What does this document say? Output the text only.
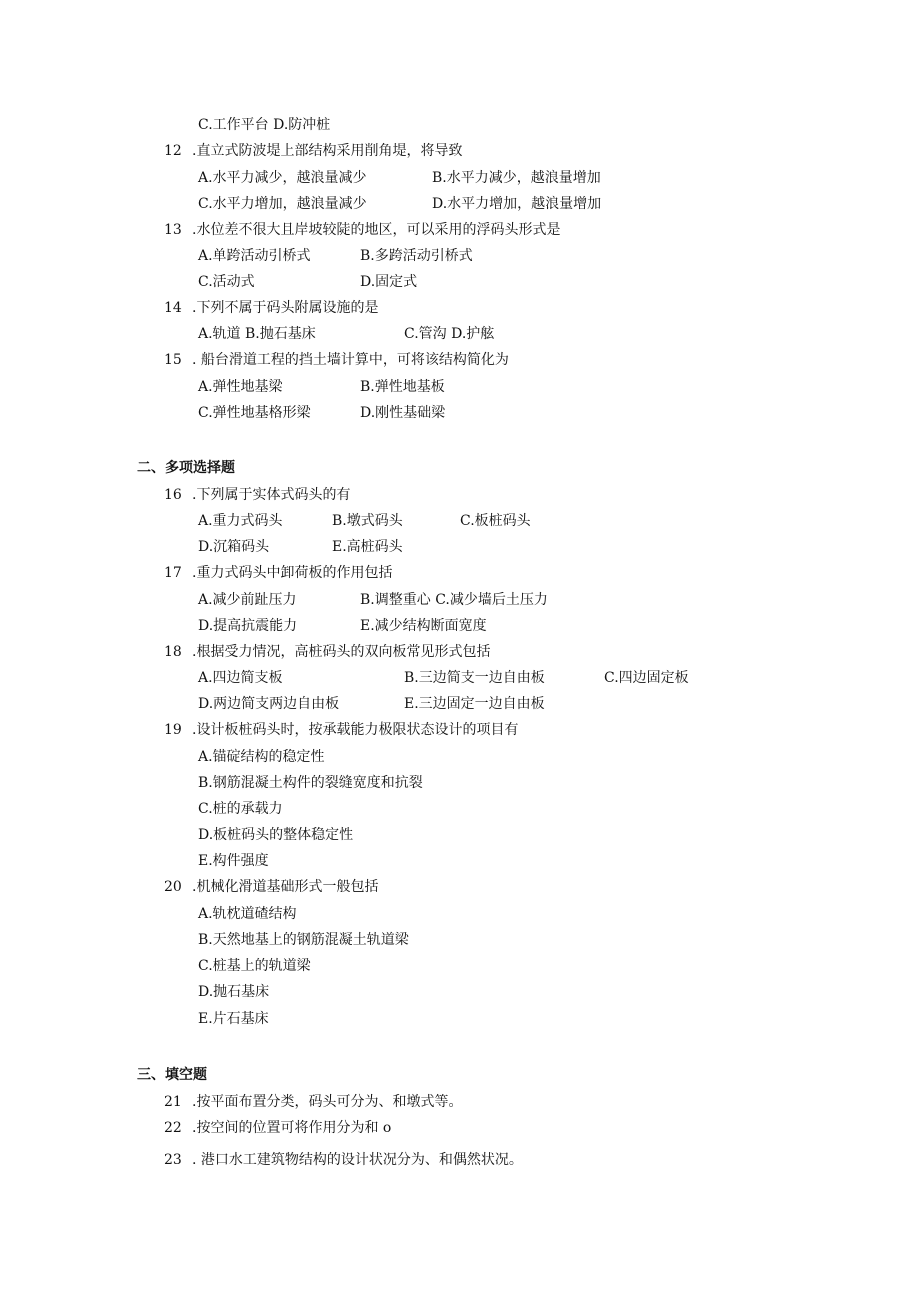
C.工作平台 D.防冲桩
12 .直立式防波堤上部结构采用削角堤，将导致
A.水平力减少，越浪量减少	B.水平力减少，越浪量增加
C.水平力增加，越浪量减少	D.水平力增加，越浪量增加
13 .水位差不很大且岸坡较陡的地区，可以采用的浮码头形式是
A.单跨活动引桥式	B.多跨活动引桥式
C.活动式	D.固定式
14 .下列不属于码头附属设施的是
A.轨道 B.抛石基床	C.管沟 D.护舷
15 . 船台滑道工程的挡土墙计算中，可将该结构简化为
A.弹性地基梁	B.弹性地基板
C.弹性地基格形梁	D.刚性基础梁
二、多项选择题
16 .下列属于实体式码头的有
A.重力式码头	B.墩式码头	C.板桩码头
D.沉箱码头	E.高桩码头
17 .重力式码头中卸荷板的作用包括
A.减少前趾压力	B.调整重心 C.减少墙后土压力
D.提高抗震能力	E.减少结构断面宽度
18 .根据受力情况，高桩码头的双向板常见形式包括
A.四边简支板	B.三边简支一边自由板	C.四边固定板
D.两边简支两边自由板	E.三边固定一边自由板
19 .设计板桩码头时，按承载能力极限状态设计的项目有
A.锚碇结构的稳定性
B.钢筋混凝土构件的裂缝宽度和抗裂
C.桩的承载力
D.板桩码头的整体稳定性
E.构件强度
20 .机械化滑道基础形式一般包括
A.轨枕道碴结构
B.天然地基上的钢筋混凝土轨道梁
C.桩基上的轨道梁
D.抛石基床
E.片石基床
三、填空题
21 .按平面布置分类，码头可分为、和墩式等。
22 .按空间的位置可将作用分为和 o
23 . 港口水工建筑物结构的设计状况分为、和偶然状况。
